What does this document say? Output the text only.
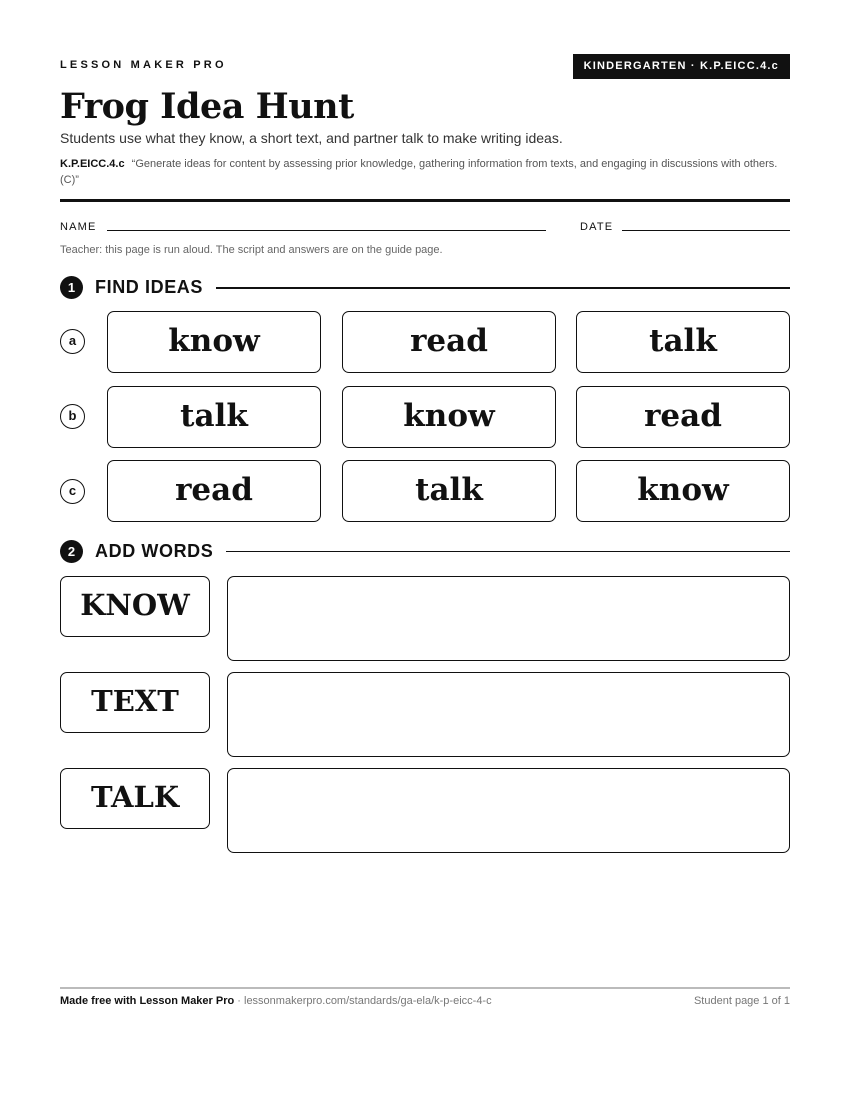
LESSON MAKER PRO	KINDERGARTEN · K.P.EICC.4.c
Frog Idea Hunt
Students use what they know, a short text, and partner talk to make writing ideas.
K.P.EICC.4.c “Generate ideas for content by assessing prior knowledge, gathering information from texts, and engaging in discussions with others. (C)”
NAME	DATE
Teacher: this page is run aloud. The script and answers are on the guide page.
1	FIND IDEAS
a	know	read	talk
b	talk	know	read
c	read	talk	know
2	ADD WORDS
KNOW
TEXT
TALK
Made free with Lesson Maker Pro · lessonmakerpro.com/standards/ga-ela/k-p-eicc-4-c	Student page 1 of 1
